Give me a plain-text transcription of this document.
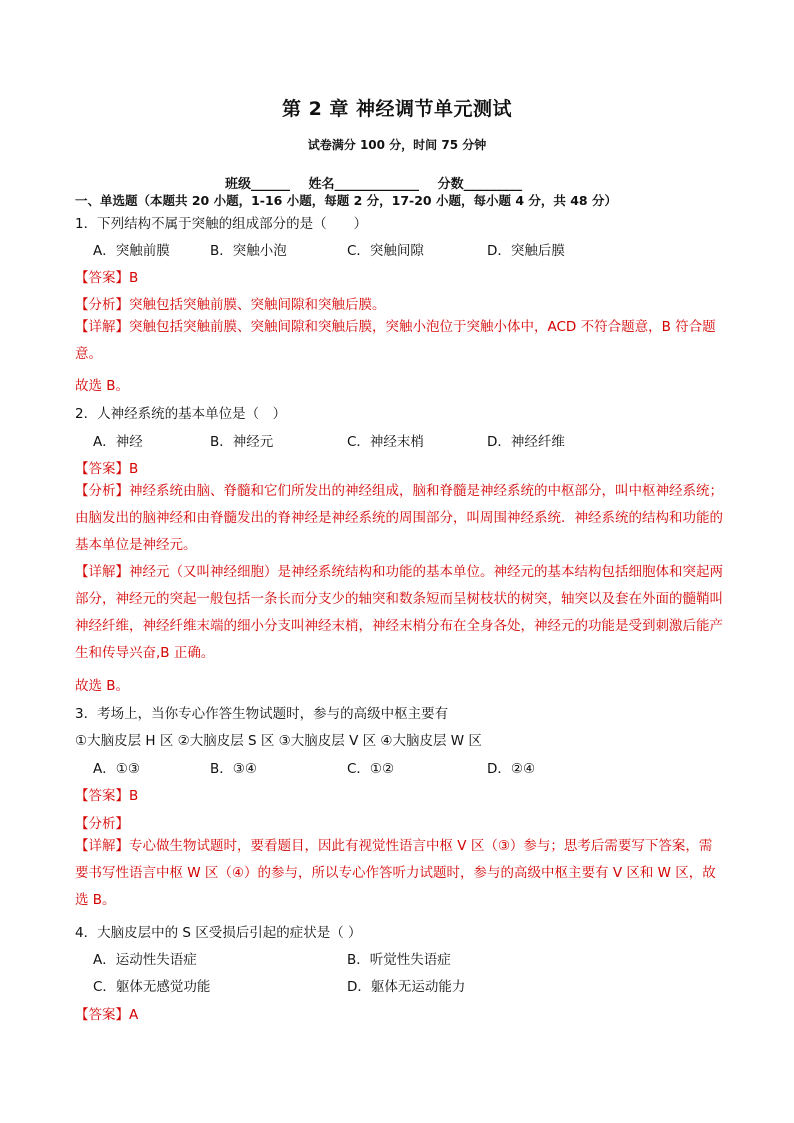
第 2 章 神经调节单元测试
试卷满分 100 分，时间 75 分钟
班级______ 姓名_____________ 分数_________
一、单选题（本题共 20 小题，1-16 小题，每题 2 分，17-20 小题，每小题 4 分，共 48 分）
1．下列结构不属于突触的组成部分的是（　　）
A．突触前膜	B．突触小泡	C．突触间隙	D．突触后膜
【答案】B
【分析】突触包括突触前膜、突触间隙和突触后膜。
【详解】突触包括突触前膜、突触间隙和突触后膜，突触小泡位于突触小体中，ACD 不符合题意，B 符合题意。
故选 B。
2．人神经系统的基本单位是（　）
A．神经	B．神经元	C．神经末梢	D．神经纤维
【答案】B
【分析】神经系统由脑、脊髓和它们所发出的神经组成，脑和脊髓是神经系统的中枢部分，叫中枢神经系统；由脑发出的脑神经和由脊髓发出的脊神经是神经系统的周围部分，叫周围神经系统．神经系统的结构和功能的基本单位是神经元。
【详解】神经元（又叫神经细胞）是神经系统结构和功能的基本单位。神经元的基本结构包括细胞体和突起两部分，神经元的突起一般包括一条长而分支少的轴突和数条短而呈树枝状的树突，轴突以及套在外面的髓鞘叫神经纤维，神经纤维末端的细小分支叫神经末梢，神经末梢分布在全身各处，神经元的功能是受到刺激后能产生和传导兴奋,B 正确。
故选 B。
3．考场上，当你专心作答生物试题时，参与的高级中枢主要有
①大脑皮层 H 区 ②大脑皮层 S 区 ③大脑皮层 V 区 ④大脑皮层 W 区
A．①③	B．③④	C．①②	D．②④
【答案】B
【分析】
【详解】专心做生物试题时，要看题目，因此有视觉性语言中枢 V 区（③）参与；思考后需要写下答案，需要书写性语言中枢 W 区（④）的参与，所以专心作答听力试题时，参与的高级中枢主要有 V 区和 W 区，故选 B。
4．大脑皮层中的 S 区受损后引起的症状是（ ）
A．运动性失语症	B．听觉性失语症
C．躯体无感觉功能	D．躯体无运动能力
【答案】A
